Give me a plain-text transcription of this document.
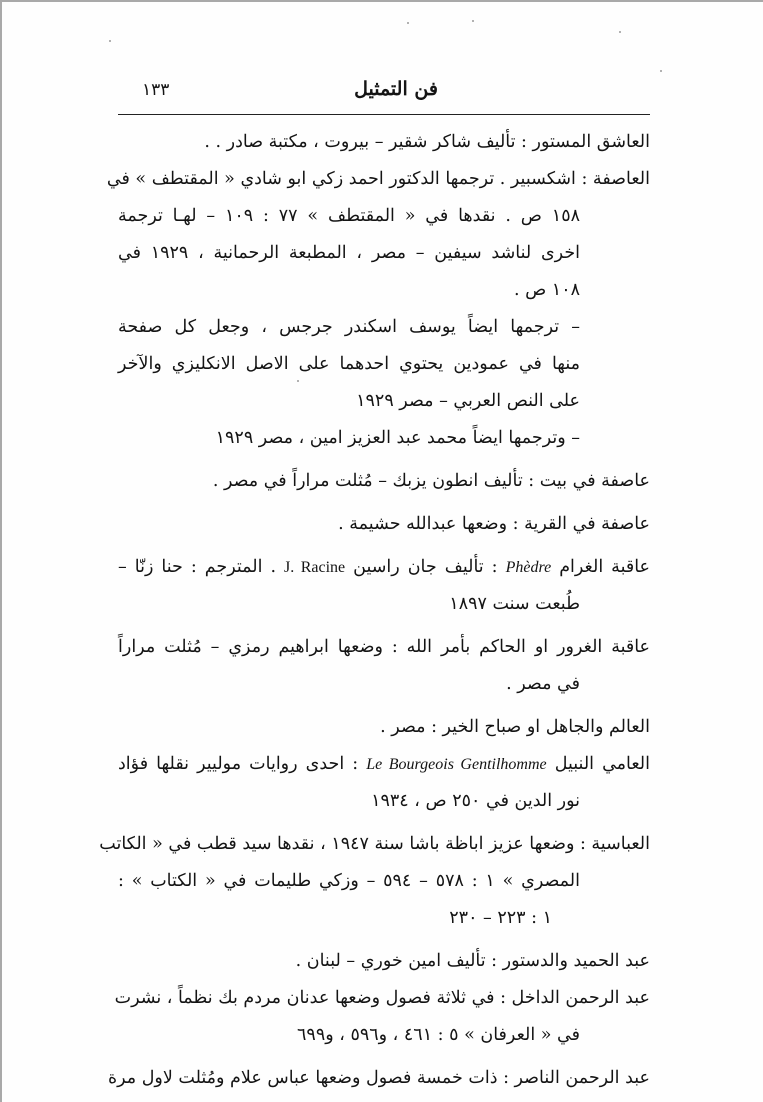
فن التمثيل
١٣٣
العاشق المستور : تأليف شاكر شقير – بيروت ، مكتبة صادر . .
العاصفة : اشكسبير . ترجمها الدكتور احمد زكي ابو شادي « المقتطف » في
١٥٨ ص . نقدها في « المقتطف » ٧٧ : ١٠٩ – لهـا ترجمة
اخرى لناشد سيفين – مصر ، المطبعة الرحمانية ، ١٩٢٩ في
١٠٨ ص .
– ترجمها ايضاً يوسف اسكندر جرجس ، وجعل كل صفحة
منها في عمودين يحتوي احدهما على الاصل الانكليزي والآخر
على النص العربي – مصر ١٩٢٩
– وترجمها ايضاً محمد عبد العزيز امين ، مصر ١٩٢٩
عاصفة في بيت : تأليف انطون يزبك – مُثلت مراراً في مصر .
عاصفة في القرية : وضعها عبدالله حشيمة .
عاقبة الغرام Phèdre : تأليف جان راسين J. Racine . المترجم : حنا زنّا –
طُبعت سنت ١٨٩٧
عاقبة الغرور او الحاكم بأمر الله : وضعها ابراهيم رمزي – مُثلت مراراً
في مصر .
العالم والجاهل او صباح الخير : مصر .
العامي النبيل Le Bourgeois Gentilhomme : احدى روايات موليير نقلها فؤاد
نور الدين في ٢٥٠ ص ، ١٩٣٤
العباسية : وضعها عزيز اباظة باشا سنة ١٩٤٧ ، نقدها سيد قطب في « الكاتب
المصري » ١ : ٥٧٨ – ٥٩٤ – وزكي طليمات في « الكتاب » :
١ : ٢٢٣ – ٢٣٠
عبد الحميد والدستور : تأليف امين خوري – لبنان .
عبد الرحمن الداخل : في ثلاثة فصول وضعها عدنان مردم بك نظماً ، نشرت
في « العرفان » ٥ : ٤٦١ ، و٥٩٦ ، و٦٩٩
عبد الرحمن الناصر : ذات خمسة فصول وضعها عباس علام ومُثلت لاول مرة
